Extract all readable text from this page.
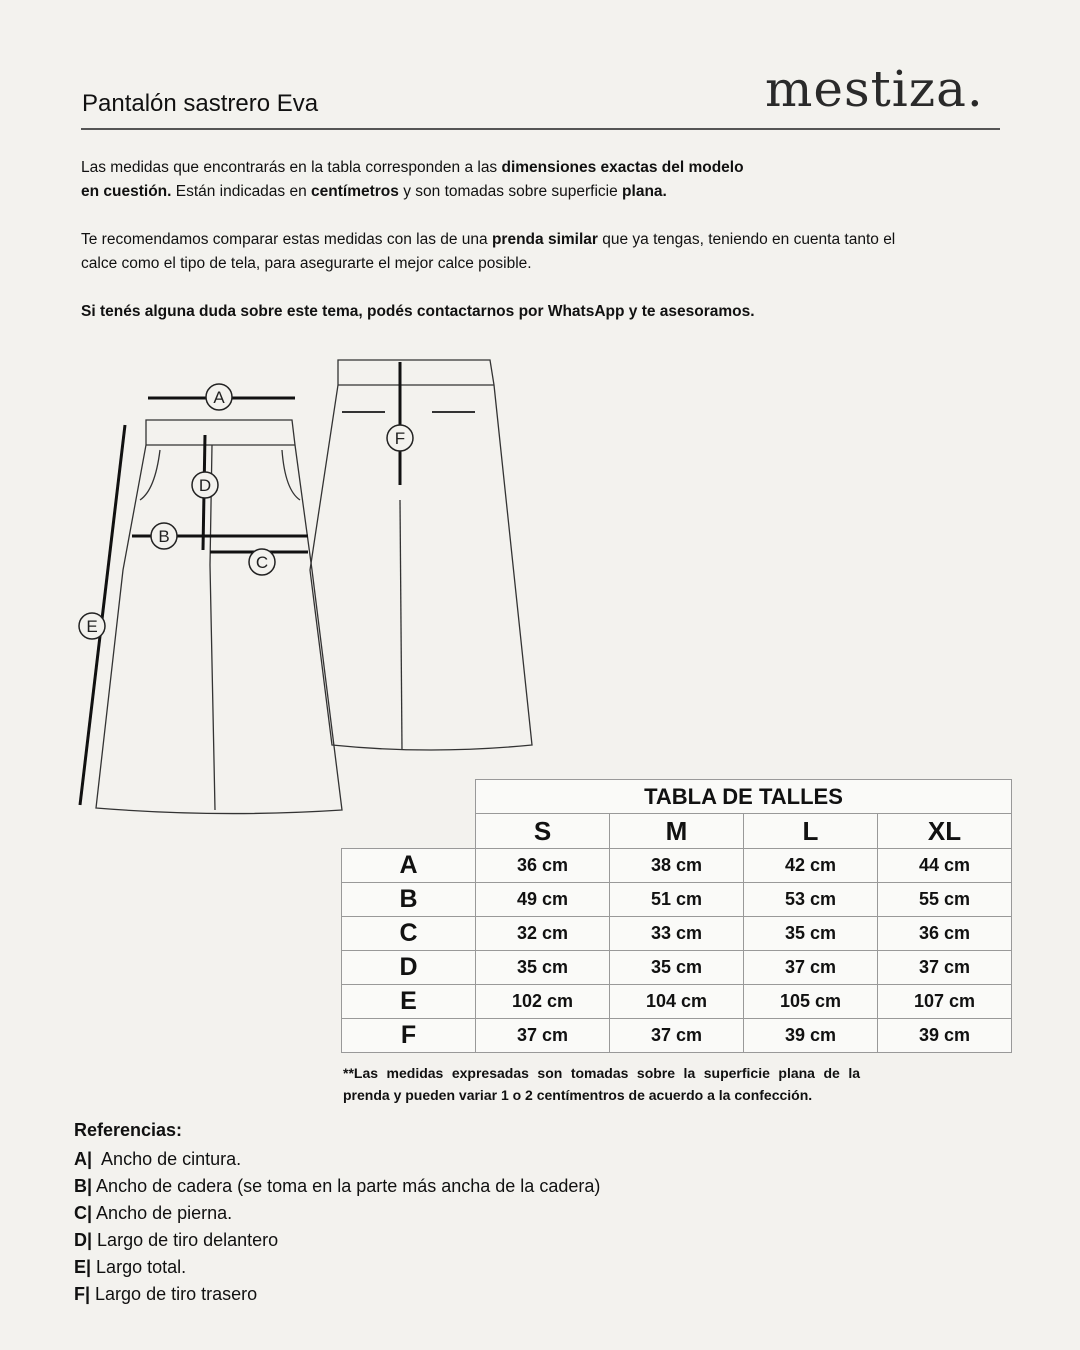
Pantalón sastrero Eva	mestiza.
Las medidas que encontrarás en la tabla corresponden a las dimensiones exactas del modelo
en cuestión. Están indicadas en centímetros y son tomadas sobre superficie plana.
Te recomendamos comparar estas medidas con las de una prenda similar que ya tengas, teniendo en cuenta tanto el
calce como el tipo de tela, para asegurarte el mejor calce posible.
Si tenés alguna duda sobre este tema, podés contactarnos por WhatsApp y te asesoramos.
A
B
C
D
E
F
	TABLA DE TALLES			
	S	M	L	XL
A	36 cm	38 cm	42 cm	44 cm
B	49 cm	51 cm	53 cm	55 cm
C	32 cm	33 cm	35 cm	36 cm
D	35 cm	35 cm	37 cm	37 cm
E	102 cm	104 cm	105 cm	107 cm
F	37 cm	37 cm	39 cm	39 cm
**Las medidas expresadas son tomadas sobre la superficie plana de la prenda y pueden variar 1 o 2 centímentros de acuerdo a la confección.
Referencias:
A|  Ancho de cintura.
B| Ancho de cadera (se toma en la parte más ancha de la cadera)
C| Ancho de pierna.
D| Largo de tiro delantero
E| Largo total.
F| Largo de tiro trasero
